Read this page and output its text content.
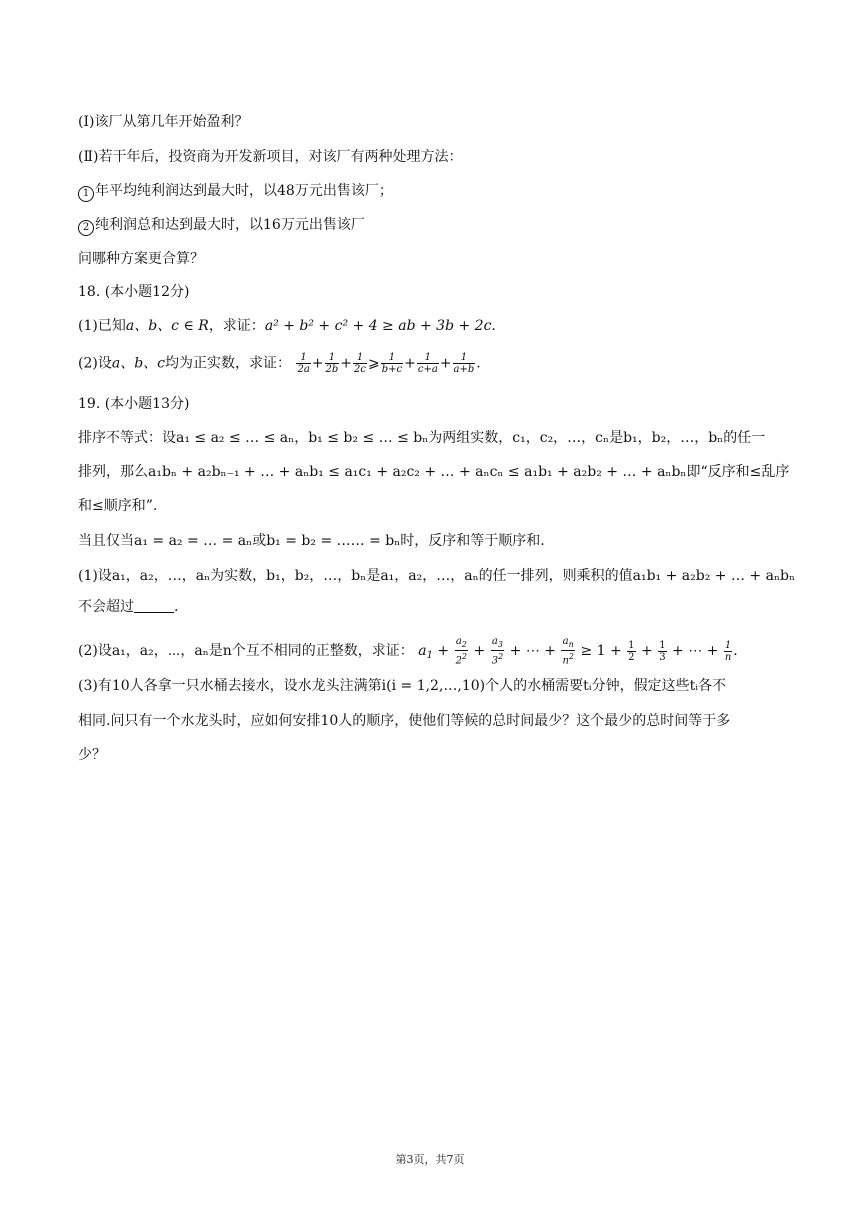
(Ⅰ)该厂从第几年开始盈利？
(Ⅱ)若干年后，投资商为开发新项目，对该厂有两种处理方法：
1 年平均纯利润达到最大时，以48万元出售该厂；
2 纯利润总和达到最大时，以16万元出售该厂
问哪种方案更合算？
18. (本小题12分)
(1)已知a、b、c ∈ R，求证：a² + b² + c² + 4 ≥ ab + 3b + 2c.
(2)设a、b、c均为正实数，求证： $\frac{1}{2a} + \frac{1}{2b} + \frac{1}{2c}$ ⩾ $\frac{1}{b+c} + \frac{1}{c+a} + \frac{1}{a+b}$ .
19. (本小题13分)
排序不等式：设a₁ ≤ a₂ ≤ … ≤ aₙ，b₁ ≤ b₂ ≤ … ≤ bₙ为两组实数，c₁，c₂，…，cₙ是b₁，b₂，…，bₙ的任一
排列，那么a₁bₙ + a₂bₙ₋₁ + … + aₙb₁ ≤ a₁c₁ + a₂c₂ + … + aₙcₙ ≤ a₁b₁ + a₂b₂ + … + aₙbₙ即“反序和≤乱序
和≤顺序和”.
当且仅当a₁ = a₂ = … = aₙ或b₁ = b₂ = …… = bₙ时，反序和等于顺序和.
(1)设a₁，a₂，…，aₙ为实数，b₁，b₂，…，bₙ是a₁，a₂，…，aₙ的任一排列，则乘积的值a₁b₁ + a₂b₂ + … + aₙbₙ
不会超过	.
(2)设a₁，a₂，⋯，aₙ是n个互不相同的正整数，求证： $a_1 + \frac{a_2}{2^2} + \frac{a_3}{3^2}$ + ⋯ + $\frac{a_n}{n^2} \ge 1 + \frac{1}{2} + \frac{1}{3}$ + ⋯ + $\frac{1}{n}$ .
(3)有10人各拿一只水桶去接水，设水龙头注满第i(i = 1,2,…,10)个人的水桶需要tᵢ分钟，假定这些tᵢ各不
相同.问只有一个水龙头时，应如何安排10人的顺序，使他们等候的总时间最少？这个最少的总时间等于多
少？
第3页，共7页
